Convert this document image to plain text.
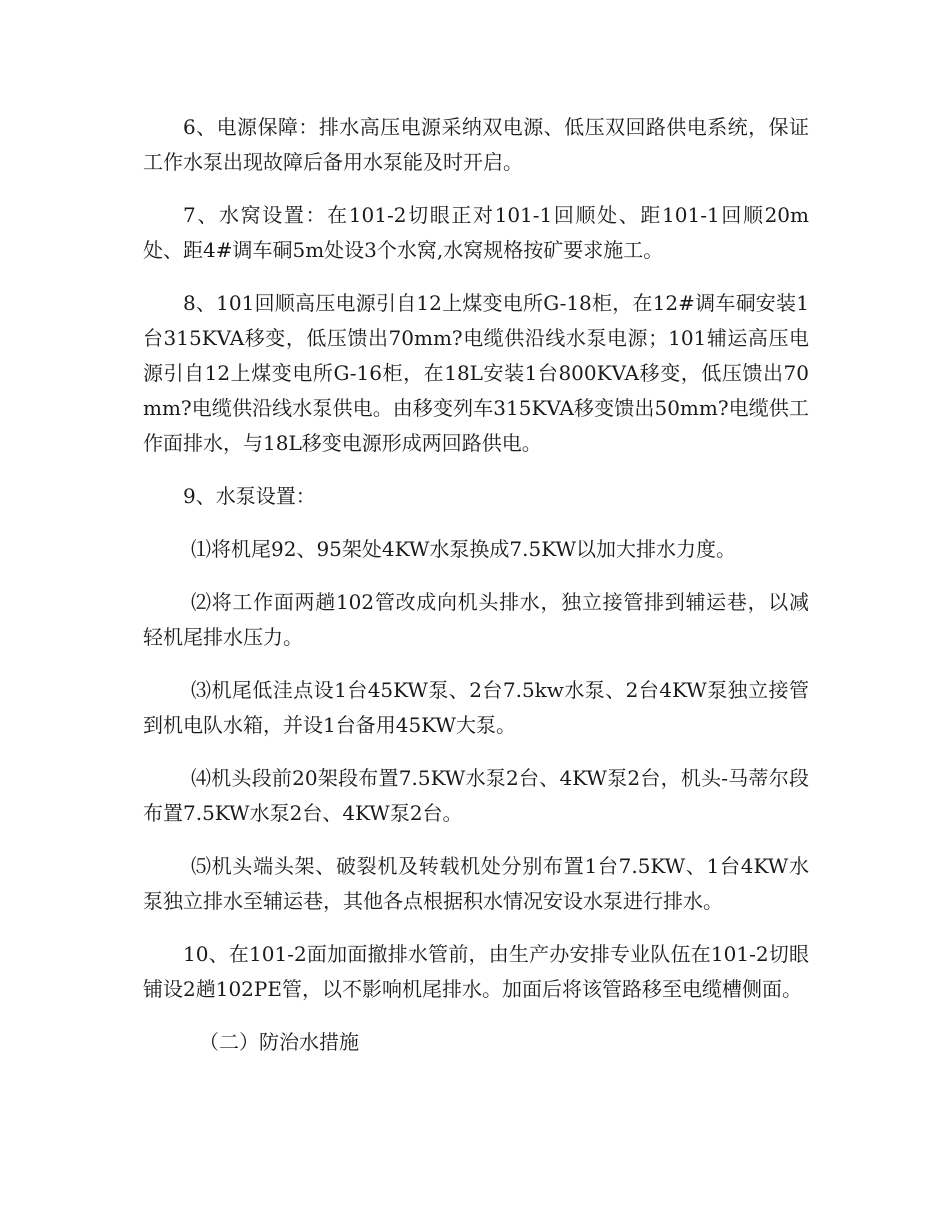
6、电源保障：排水高压电源采纳双电源、低压双回路供电系统，保证工作水泵出现故障后备用水泵能及时开启。

7、水窝设置：在101-2切眼正对101-1回顺处、距101-1回顺20m处、距4#调车硐5m处设3个水窝,水窝规格按矿要求施工。

8、101回顺高压电源引自12上煤变电所G-18柜，在12#调车硐安装1台315KVA移变，低压馈出70mm?电缆供沿线水泵电源；101辅运高压电源引自12上煤变电所G-16柜，在18L安装1台800KVA移变，低压馈出70mm?电缆供沿线水泵供电。由移变列车315KVA移变馈出50mm?电缆供工作面排水，与18L移变电源形成两回路供电。

9、水泵设置：

⑴将机尾92、95架处4KW水泵换成7.5KW以加大排水力度。

⑵将工作面两趟102管改成向机头排水，独立接管排到辅运巷，以减轻机尾排水压力。

⑶机尾低洼点设1台45KW泵、2台7.5kw水泵、2台4KW泵独立接管到机电队水箱，并设1台备用45KW大泵。

⑷机头段前20架段布置7.5KW水泵2台、4KW泵2台，机头-马蒂尔段布置7.5KW水泵2台、4KW泵2台。

⑸机头端头架、破裂机及转载机处分别布置1台7.5KW、1台4KW水泵独立排水至辅运巷，其他各点根据积水情况安设水泵进行排水。

10、在101-2面加面撤排水管前，由生产办安排专业队伍在101-2切眼铺设2趟102PE管，以不影响机尾排水。加面后将该管路移至电缆槽侧面。

（二）防治水措施
